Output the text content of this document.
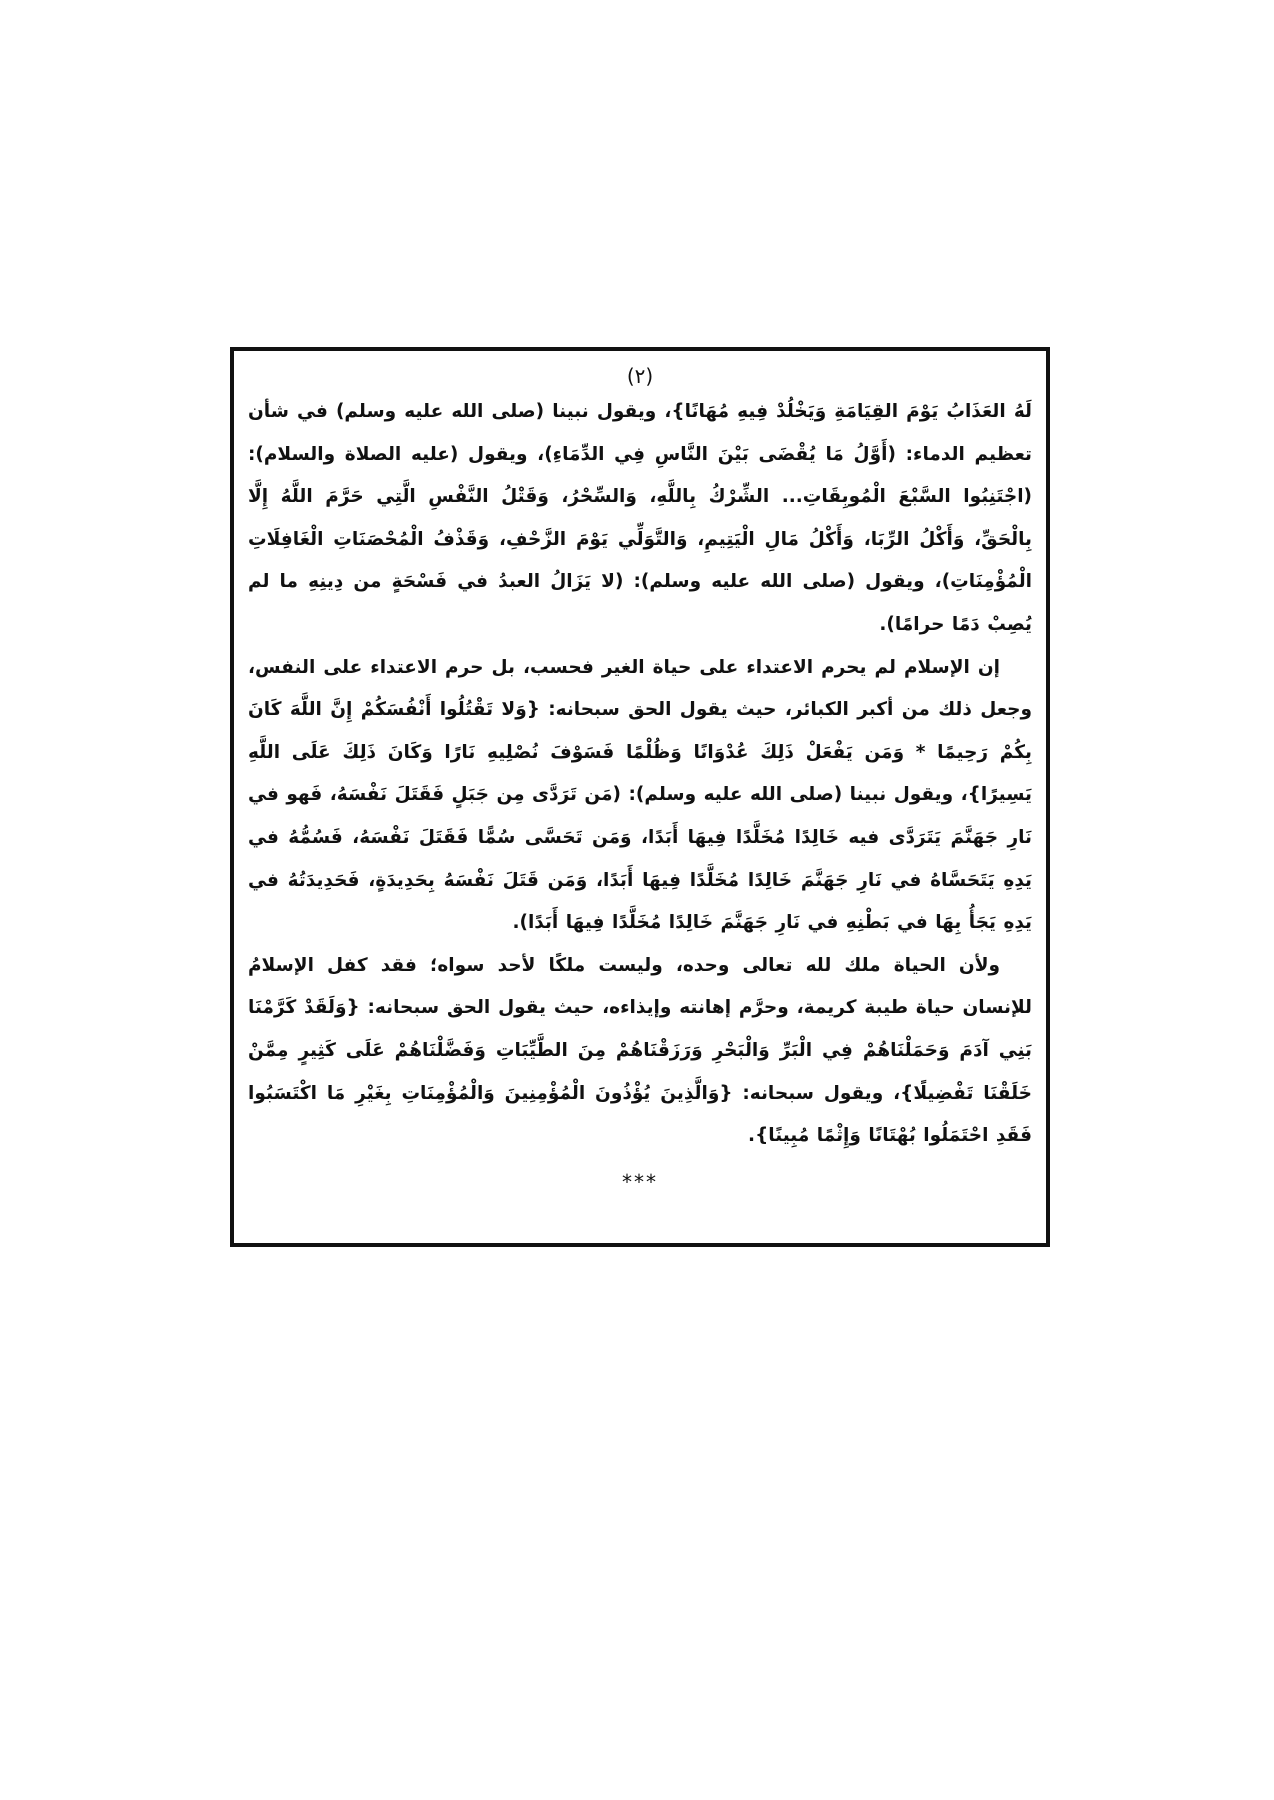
(٢)

لَهُ العَذَابُ يَوْمَ القِيَامَةِ وَيَخْلُدْ فِيهِ مُهَانًا}، ويقول نبينا (صلى الله عليه وسلم) في شأن تعظيم الدماء: (أَوَّلُ مَا يُقْضَى بَيْنَ النَّاسِ فِي الدِّمَاءِ)، ويقول (عليه الصلاة والسلام): (اجْتَنِبُوا السَّبْعَ الْمُوبِقَاتِ... الشِّرْكُ بِاللَّهِ، وَالسِّحْرُ، وَقَتْلُ النَّفْسِ الَّتِي حَرَّمَ اللَّهُ إِلَّا بِالْحَقِّ، وَأَكْلُ الرِّبَا، وَأَكْلُ مَالِ الْيَتِيمِ، وَالتَّوَلِّي يَوْمَ الزَّحْفِ، وَقَذْفُ الْمُحْصَنَاتِ الْغَافِلَاتِ الْمُؤْمِنَاتِ)، ويقول (صلى الله عليه وسلم): (لا يَزَالُ العبدُ في فَسْحَةٍ من دِينِهِ ما لم يُصِبْ دَمًا حرامًا).

إن الإسلام لم يحرم الاعتداء على حياة الغير فحسب، بل حرم الاعتداء على النفس، وجعل ذلك من أكبر الكبائر، حيث يقول الحق سبحانه: {وَلا تَقْتُلُوا أَنْفُسَكُمْ إِنَّ اللَّهَ كَانَ بِكُمْ رَحِيمًا * وَمَن يَفْعَلْ ذَلِكَ عُدْوَانًا وَظُلْمًا فَسَوْفَ نُصْلِيهِ نَارًا وَكَانَ ذَلِكَ عَلَى اللَّهِ يَسِيرًا}، ويقول نبينا (صلى الله عليه وسلم): (مَن تَرَدَّى مِن جَبَلٍ فَقَتَلَ نَفْسَهُ، فَهو في نَارِ جَهَنَّمَ يَتَرَدَّى فيه خَالِدًا مُخَلَّدًا فِيهَا أَبَدًا، وَمَن تَحَسَّى سُمًّا فَقَتَلَ نَفْسَهُ، فَسُمُّهُ في يَدِهِ يَتَحَسَّاهُ في نَارِ جَهَنَّمَ خَالِدًا مُخَلَّدًا فِيهَا أَبَدًا، وَمَن قَتَلَ نَفْسَهُ بِحَدِيدَةٍ، فَحَدِيدَتُهُ في يَدِهِ يَجَأُ بِهَا في بَطْنِهِ في نَارِ جَهَنَّمَ خَالِدًا مُخَلَّدًا فِيهَا أَبَدًا).

ولأن الحياة ملك لله تعالى وحده، وليست ملكًا لأحد سواه؛ فقد كفل الإسلامُ للإنسان حياة طيبة كريمة، وحرَّم إهانته وإيذاءه، حيث يقول الحق سبحانه: {وَلَقَدْ كَرَّمْنَا بَنِي آدَمَ وَحَمَلْنَاهُمْ فِي الْبَرِّ وَالْبَحْرِ وَرَزَقْنَاهُمْ مِنَ الطَّيِّبَاتِ وَفَضَّلْنَاهُمْ عَلَى كَثِيرٍ مِمَّنْ خَلَقْنَا تَفْضِيلًا}، ويقول سبحانه: {وَالَّذِينَ يُؤْذُونَ الْمُؤْمِنِينَ وَالْمُؤْمِنَاتِ بِغَيْرِ مَا اكْتَسَبُوا فَقَدِ احْتَمَلُوا بُهْتَانًا وَإِثْمًا مُبِينًا}.

***
